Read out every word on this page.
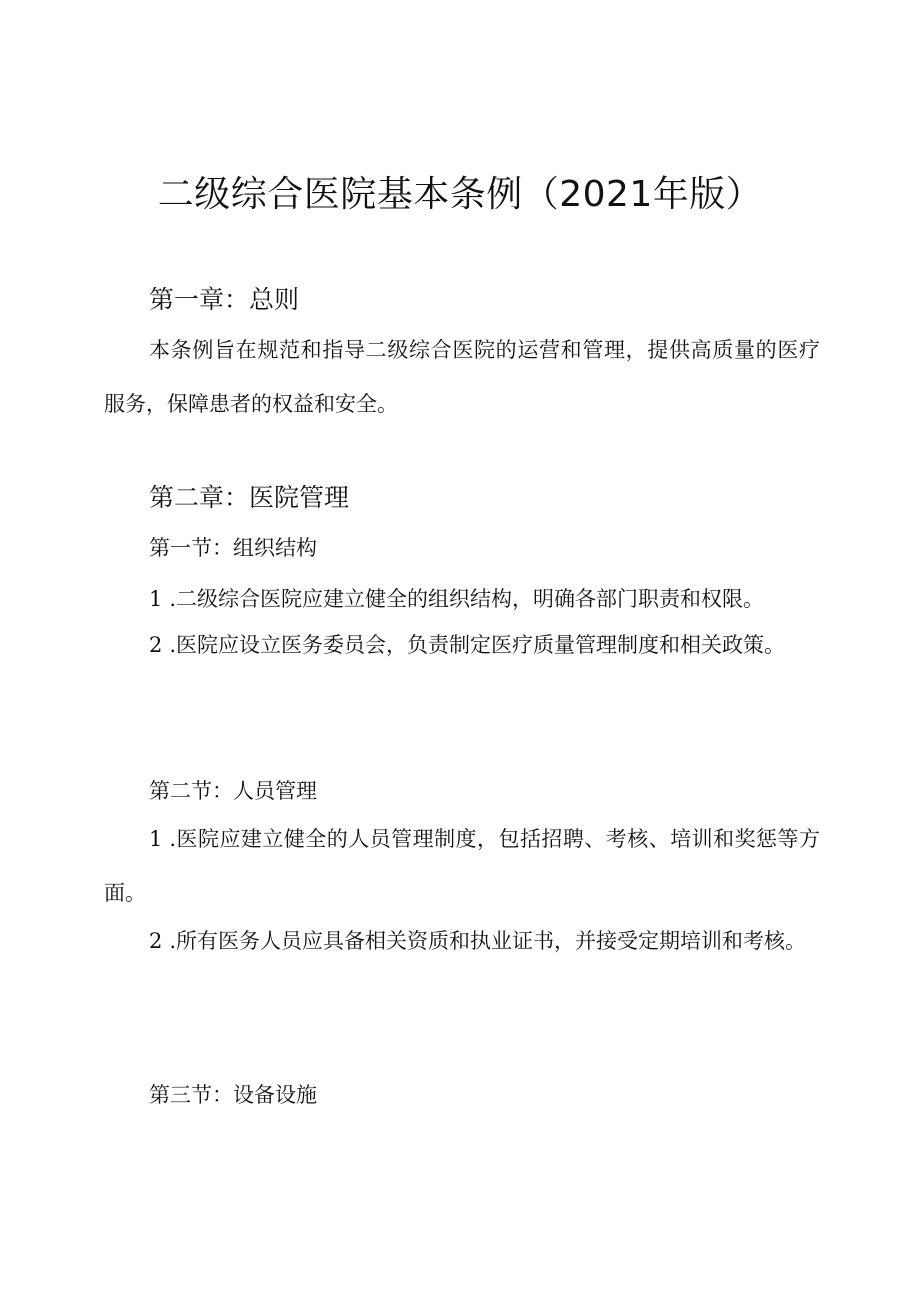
二级综合医院基本条例（2021年版）
第一章：总则

本条例旨在规范和指导二级综合医院的运营和管理，提供高质量的医疗服务，保障患者的权益和安全。

第二章：医院管理
第一节：组织结构

1 .二级综合医院应建立健全的组织结构，明确各部门职责和权限。

2 .医院应设立医务委员会，负责制定医疗质量管理制度和相关政策。

第二节：人员管理

1 .医院应建立健全的人员管理制度，包括招聘、考核、培训和奖惩等方面。

2 .所有医务人员应具备相关资质和执业证书，并接受定期培训和考核。

第三节：设备设施
